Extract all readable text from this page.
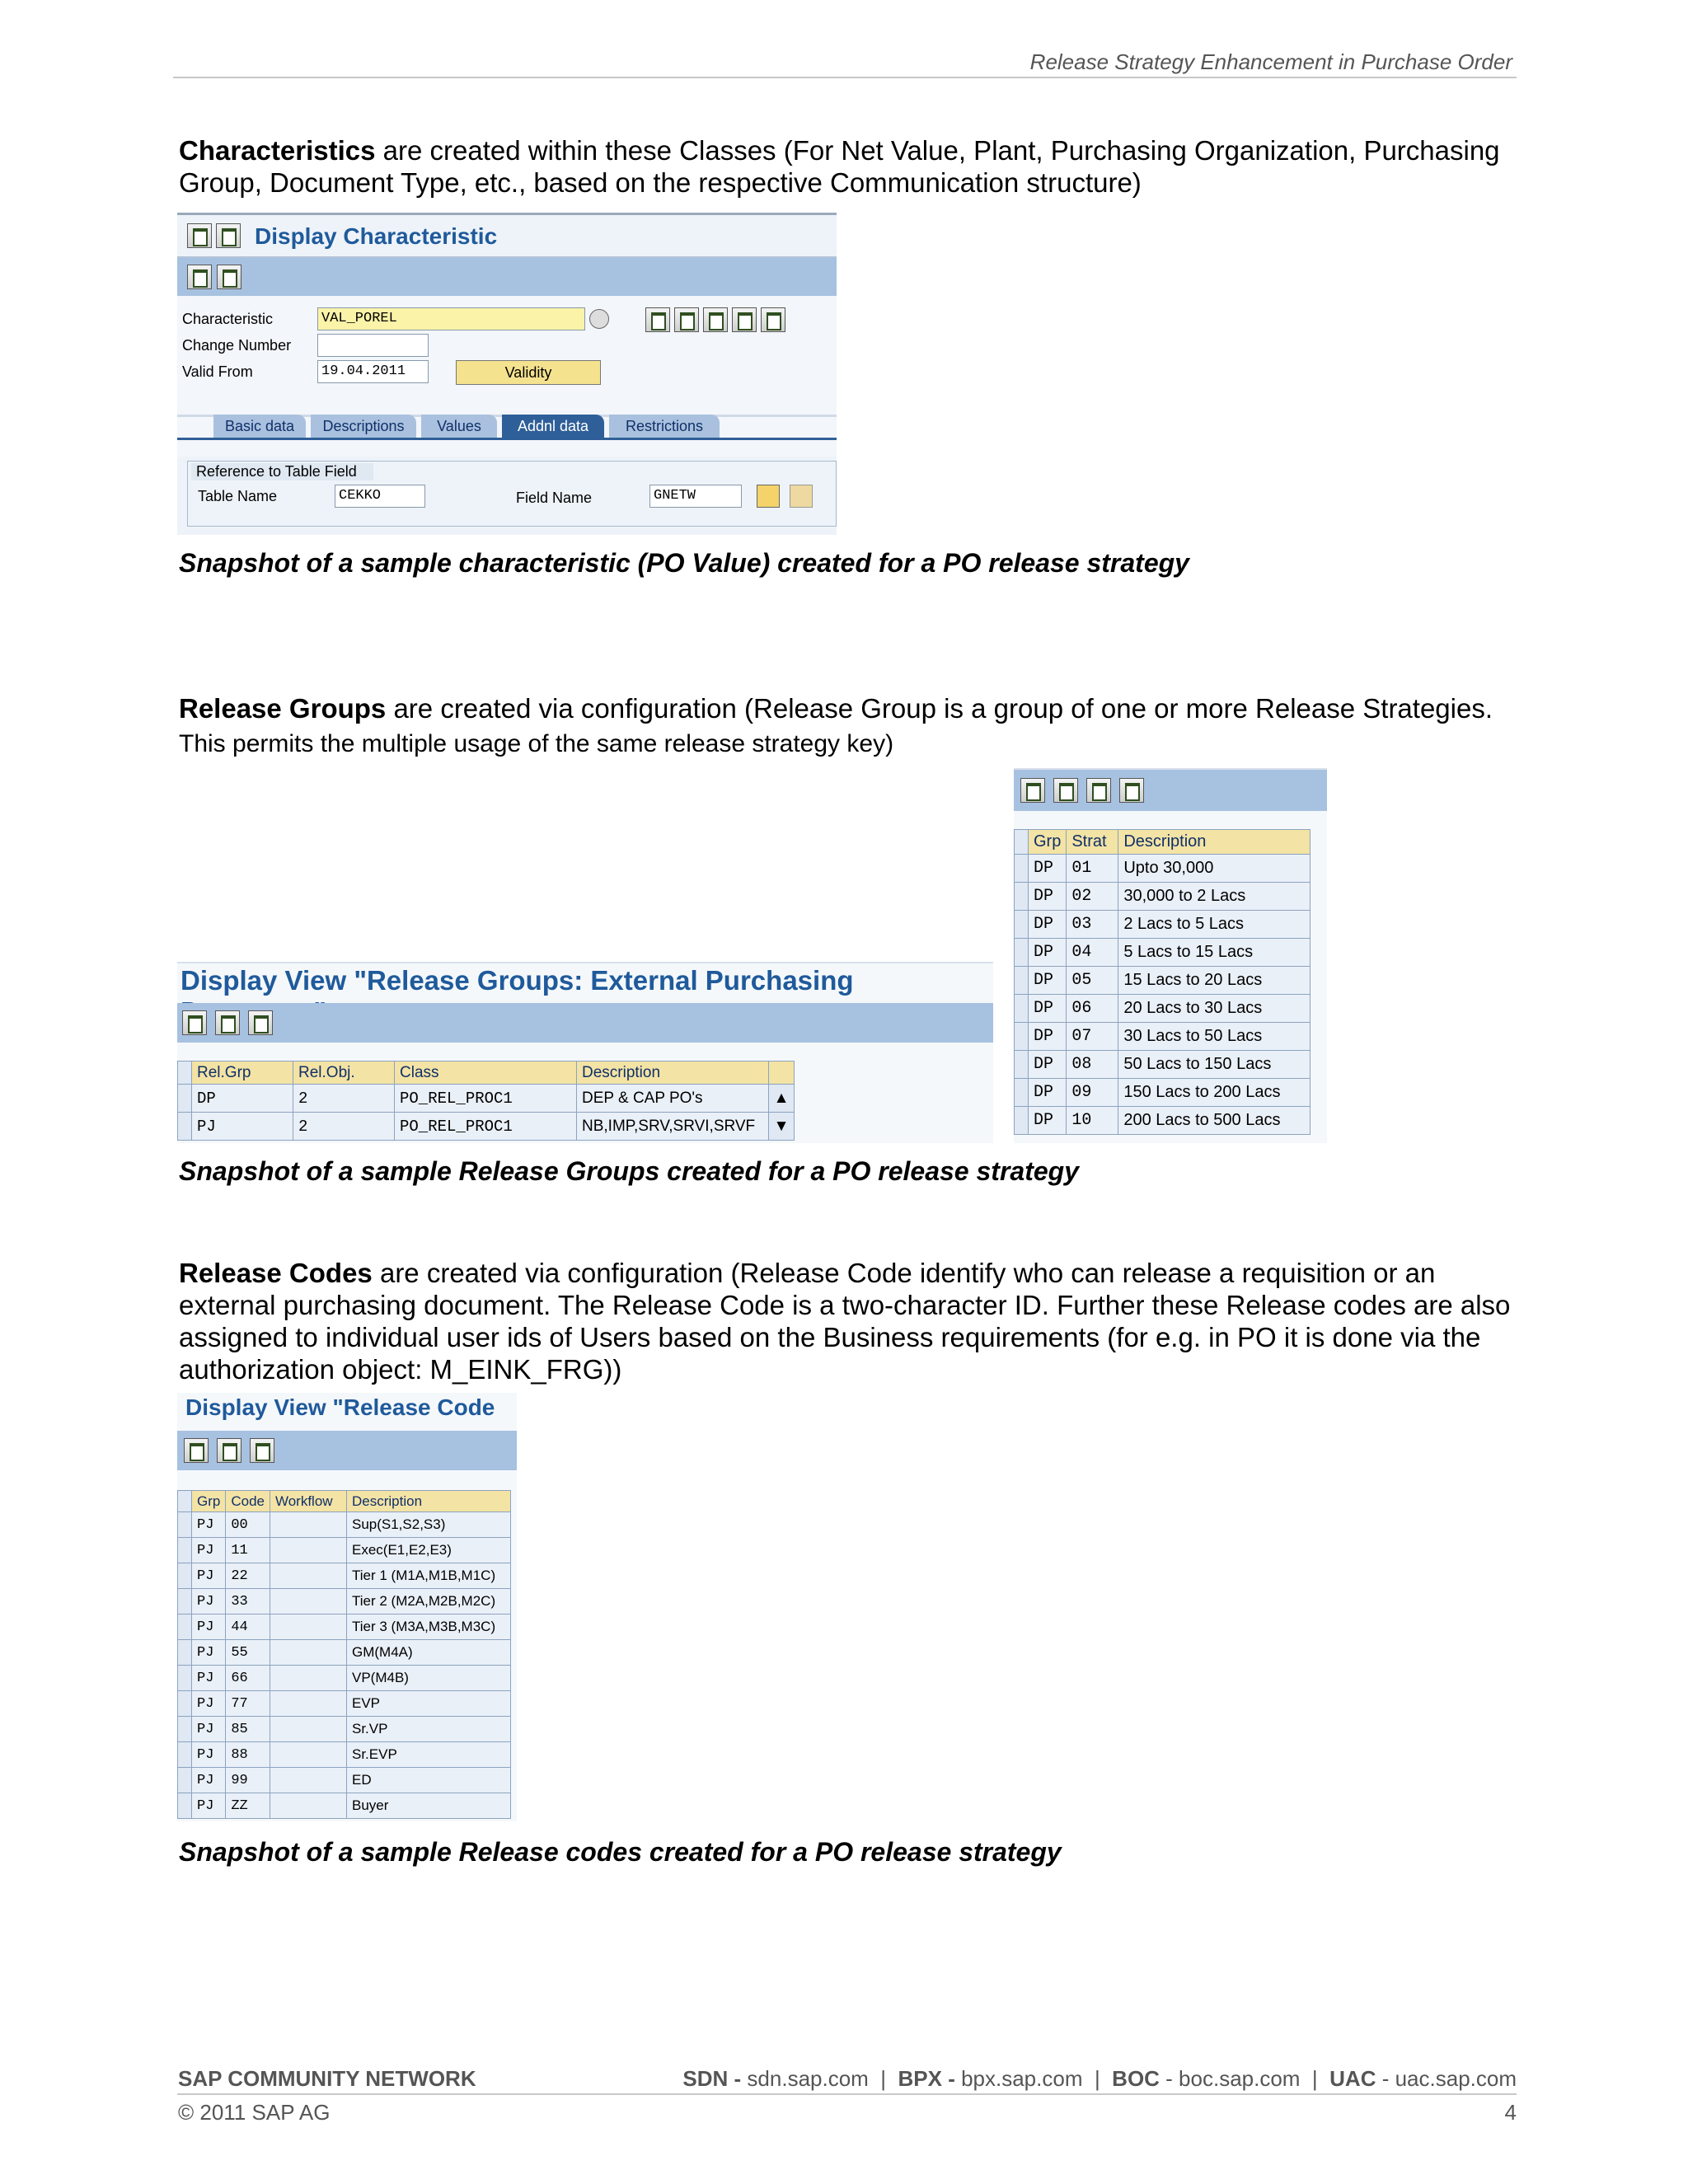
Release Strategy Enhancement in Purchase Order
Characteristics are created within these Classes (For Net Value, Plant, Purchasing Organization, Purchasing Group, Document Type, etc., based on the respective Communication structure)
Display Characteristic
Characteristic	VAL_POREL
Change Number
Valid From	19.04.2011	Validity
Basic data	Descriptions	Values	Addnl data	Restrictions
Reference to Table Field
Table Name	CEKKO	Field Name	GNETW
Snapshot of a sample characteristic (PO Value) created for a PO release strategy
Release Groups are created via configuration (Release Group is a group of one or more Release Strategies. This permits the multiple usage of the same release strategy key)
Display View "Release Groups: External Purchasing
	Rel.Grp	Rel.Obj.	Class	Description	
	DP	2	PO_REL_PROC1	DEP & CAP PO's	▲
	PJ	2	PO_REL_PROC1	NB,IMP,SRV,SRVI,SRVF	▼
	Grp	Strat	Description
	DP	01	Upto 30,000
	DP	02	30,000 to 2 Lacs
	DP	03	2 Lacs to 5 Lacs
	DP	04	5 Lacs to 15 Lacs
	DP	05	15 Lacs to 20 Lacs
	DP	06	20 Lacs to 30 Lacs
	DP	07	30 Lacs to 50 Lacs
	DP	08	50 Lacs to 150 Lacs
	DP	09	150 Lacs to 200 Lacs
	DP	10	200 Lacs to 500 Lacs
Snapshot of a sample Release Groups created for a PO release strategy
Release Codes are created via configuration (Release Code identify who can release a requisition or an external purchasing document. The Release Code is a two-character ID. Further these Release codes are also assigned to individual user ids of Users based on the Business requirements (for e.g. in PO it is done via the authorization object: M_EINK_FRG))
Display View "Release Code
	Grp	Code	Workflow	Description
	PJ	00		Sup(S1,S2,S3)
	PJ	11		Exec(E1,E2,E3)
	PJ	22		Tier 1 (M1A,M1B,M1C)
	PJ	33		Tier 2 (M2A,M2B,M2C)
	PJ	44		Tier 3 (M3A,M3B,M3C)
	PJ	55		GM(M4A)
	PJ	66		VP(M4B)
	PJ	77		EVP
	PJ	85		Sr.VP
	PJ	88		Sr.EVP
	PJ	99		ED
	PJ	ZZ		Buyer
Snapshot of a sample Release codes created for a PO release strategy
SAP COMMUNITY NETWORK	SDN - sdn.sap.com | BPX - bpx.sap.com | BOC - boc.sap.com | UAC - uac.sap.com
© 2011 SAP AG	4
